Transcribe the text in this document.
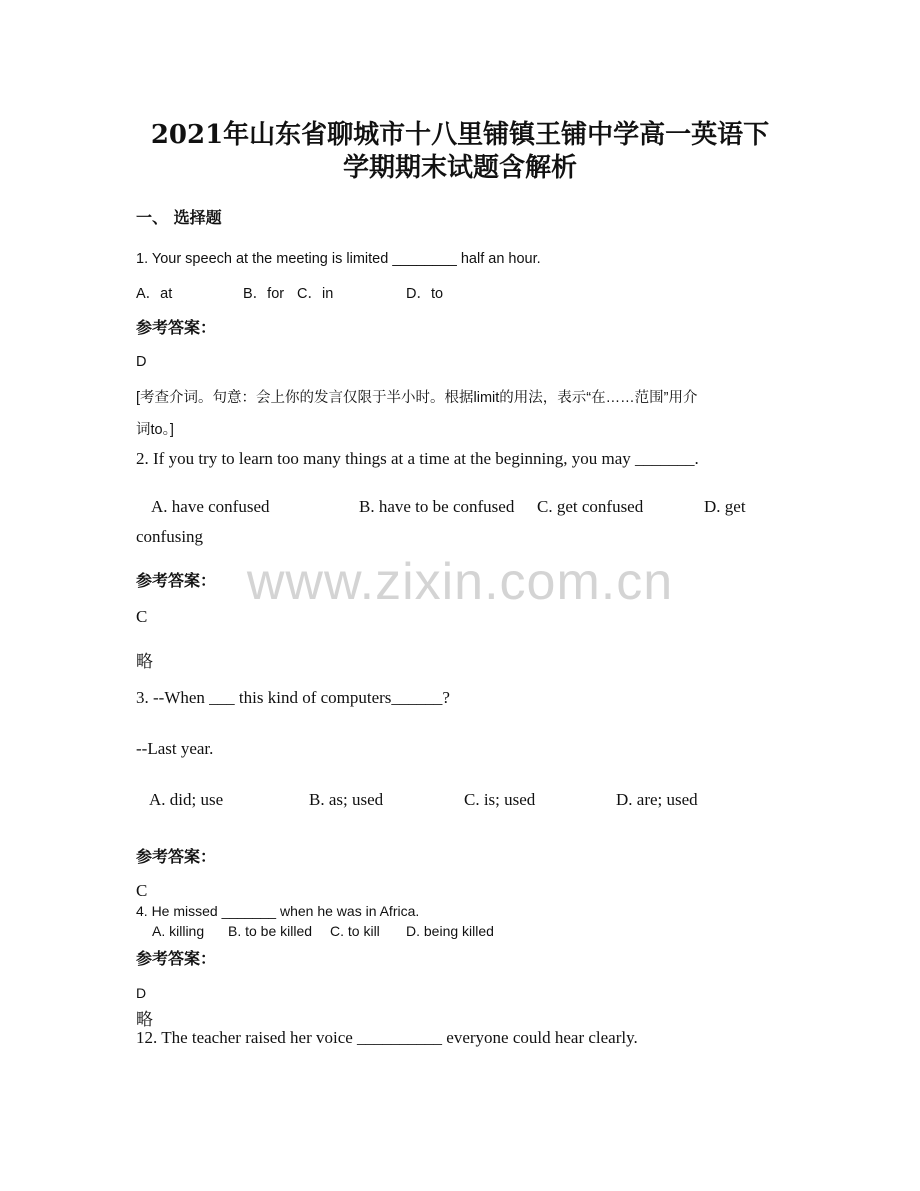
www.zixin.com.cn
2021年山东省聊城市十八里铺镇王铺中学高一英语下
学期期末试题含解析
一、 选择题
1. Your speech at the meeting is limited ________ half an hour.
A．at	B．for C．in	D．to
参考答案：
D
[考查介词。句意：会上你的发言仅限于半小时。根据limit的用法，表示“在……范围”用介
词to。]
2. If you try to learn too many things at a time at the beginning, you may _______.
A. have confused	B. have to be confused C. get confused	D. get
confusing
参考答案：
C
略
3. --When ___ this kind of computers______?
--Last year.
A. did; use	B. as; used	C. is; used	D. are; used
参考答案：
C
4. He missed _______ when he was in Africa.
A. killing B. to be killed C. to kill D. being killed
参考答案：
D
略
12. The teacher raised her voice __________ everyone could hear clearly.
